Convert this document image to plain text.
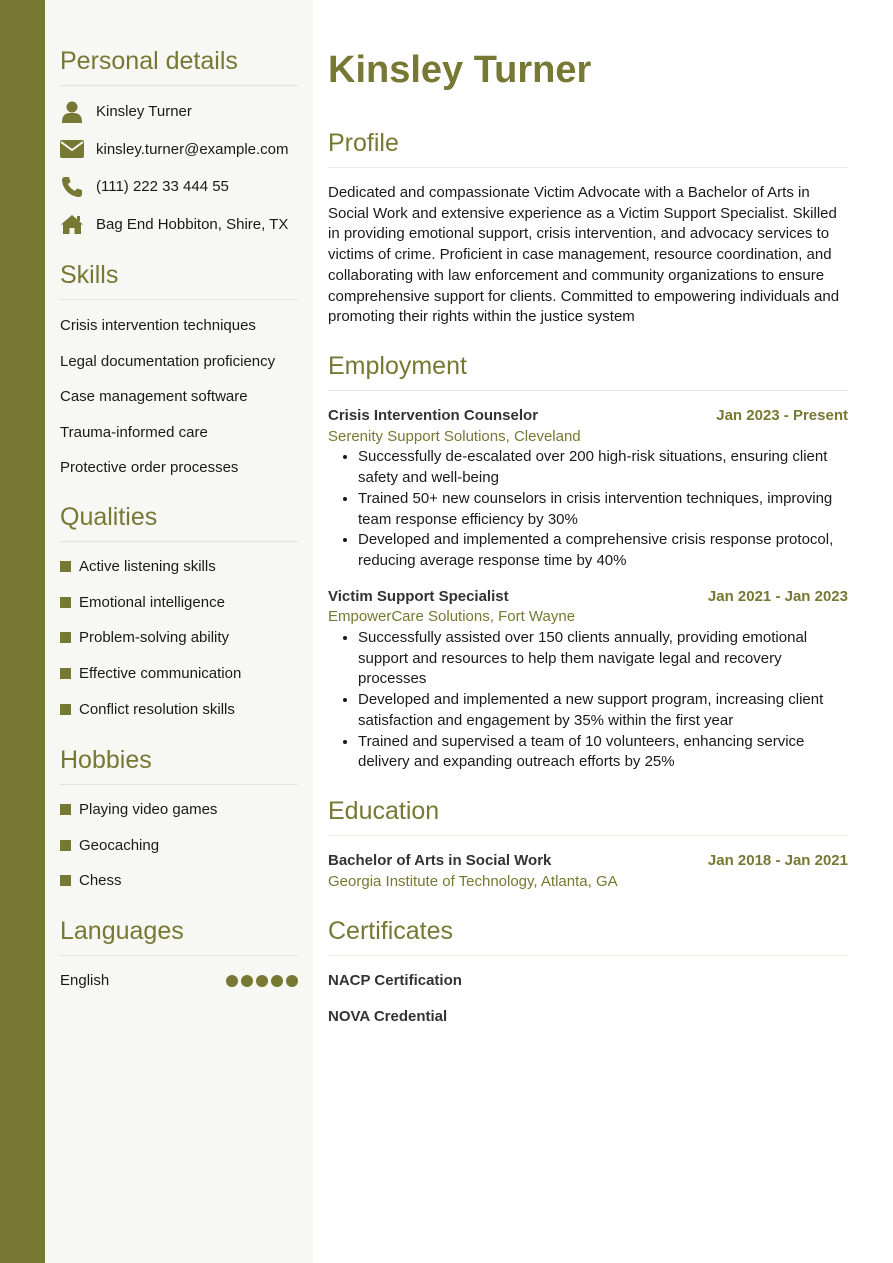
Personal details
Kinsley Turner
kinsley.turner@example.com
(111) 222 33 444 55
Bag End Hobbiton, Shire, TX
Skills
Crisis intervention techniques
Legal documentation proficiency
Case management software
Trauma-informed care
Protective order processes
Qualities
Active listening skills
Emotional intelligence
Problem-solving ability
Effective communication
Conflict resolution skills
Hobbies
Playing video games
Geocaching
Chess
Languages
English
Kinsley Turner
Profile

Dedicated and compassionate Victim Advocate with a Bachelor of Arts in Social Work and extensive experience as a Victim Support Specialist. Skilled in providing emotional support, crisis intervention, and advocacy services to victims of crime. Proficient in case management, resource coordination, and collaborating with law enforcement and community organizations to ensure comprehensive support for clients. Committed to empowering individuals and promoting their rights within the justice system

Employment
Crisis Intervention Counselor	Jan 2023 - Present
Serenity Support Solutions, Cleveland
• Successfully de-escalated over 200 high-risk situations, ensuring client safety and well-being
• Trained 50+ new counselors in crisis intervention techniques, improving team response efficiency by 30%
• Developed and implemented a comprehensive crisis response protocol, reducing average response time by 40%
Victim Support Specialist	Jan 2021 - Jan 2023
EmpowerCare Solutions, Fort Wayne
• Successfully assisted over 150 clients annually, providing emotional support and resources to help them navigate legal and recovery processes
• Developed and implemented a new support program, increasing client satisfaction and engagement by 35% within the first year
• Trained and supervised a team of 10 volunteers, enhancing service delivery and expanding outreach efforts by 25%
Education
Bachelor of Arts in Social Work	Jan 2018 - Jan 2021
Georgia Institute of Technology, Atlanta, GA
Certificates
NACP Certification
NOVA Credential
